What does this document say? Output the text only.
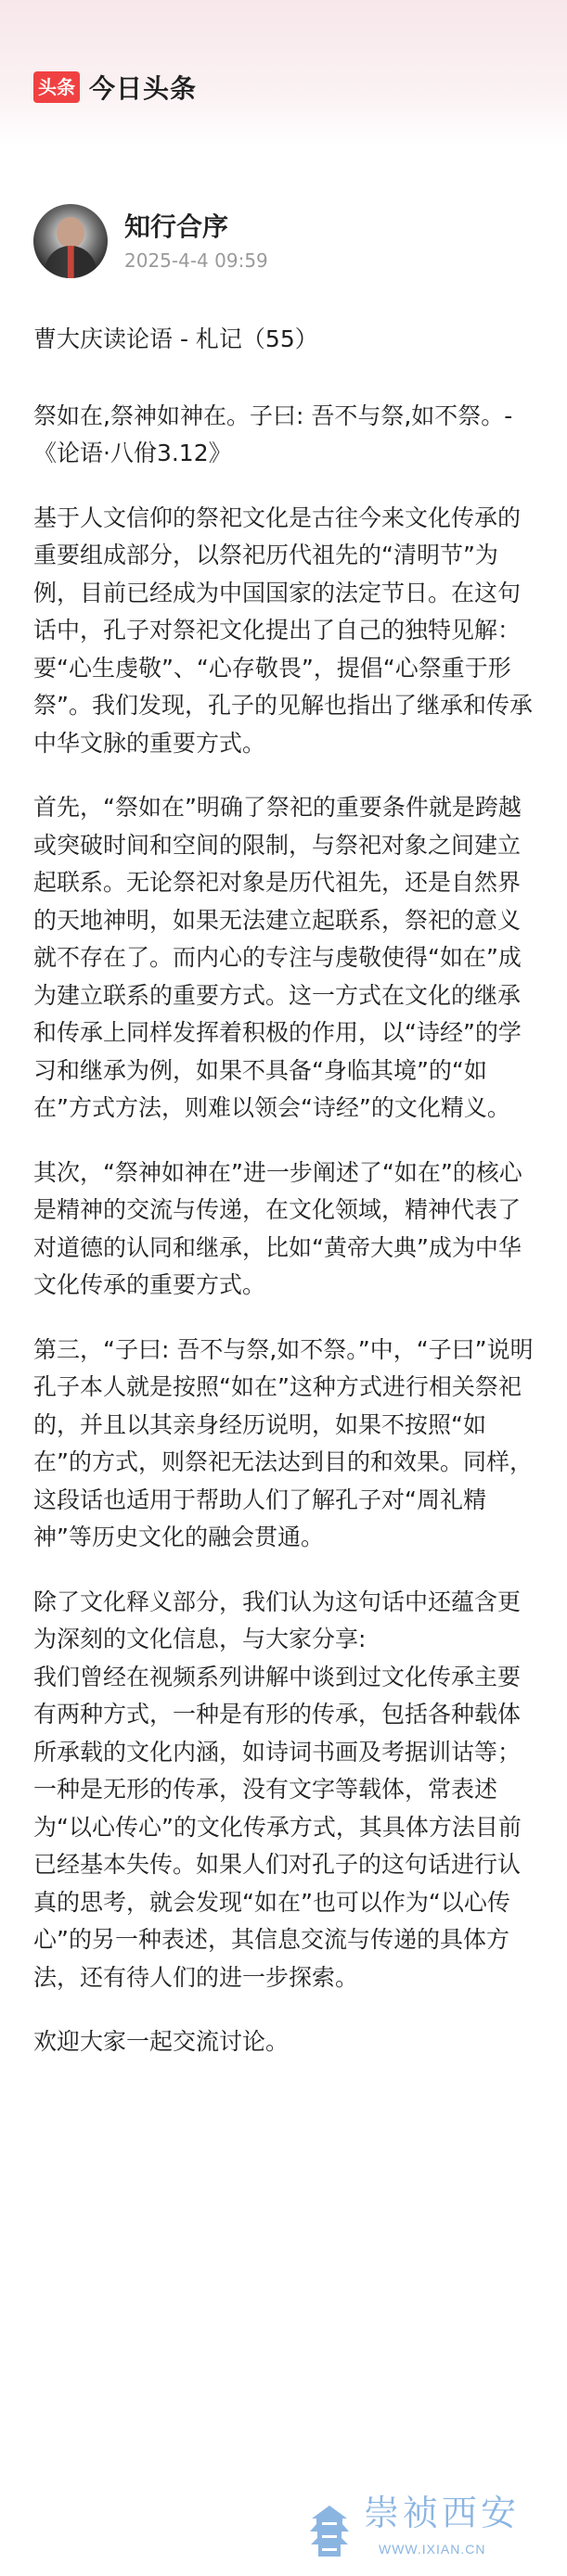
头条 今日头条
知行合序
2025-4-4 09:59

曹大庆读论语 - 札记（55）

祭如在,祭神如神在。子曰: 吾不与祭,如不祭。- 《论语·八佾3.12》

基于人文信仰的祭祀文化是古往今来文化传承的重要组成部分，以祭祀历代祖先的“清明节”为例，目前已经成为中国国家的法定节日。在这句话中，孔子对祭祀文化提出了自己的独特见解：要“心生虔敬”、“心存敬畏”，提倡“心祭重于形祭”。我们发现，孔子的见解也指出了继承和传承中华文脉的重要方式。

首先，“祭如在”明确了祭祀的重要条件就是跨越或突破时间和空间的限制，与祭祀对象之间建立起联系。无论祭祀对象是历代祖先，还是自然界的天地神明，如果无法建立起联系，祭祀的意义就不存在了。而内心的专注与虔敬使得“如在”成为建立联系的重要方式。这一方式在文化的继承和传承上同样发挥着积极的作用，以“诗经”的学习和继承为例，如果不具备“身临其境”的“如在”方式方法，则难以领会“诗经”的文化精义。

其次，“祭神如神在”进一步阐述了“如在”的核心是精神的交流与传递，在文化领域，精神代表了对道德的认同和继承，比如“黄帝大典”成为中华文化传承的重要方式。

第三，“子曰: 吾不与祭,如不祭。”中，“子曰”说明孔子本人就是按照“如在”这种方式进行相关祭祀的，并且以其亲身经历说明，如果不按照“如在”的方式，则祭祀无法达到目的和效果。同样，这段话也适用于帮助人们了解孔子对“周礼精神”等历史文化的融会贯通。

除了文化释义部分，我们认为这句话中还蕴含更为深刻的文化信息，与大家分享:
我们曾经在视频系列讲解中谈到过文化传承主要有两种方式，一种是有形的传承，包括各种载体所承载的文化内涵，如诗词书画及考据训诂等；一种是无形的传承，没有文字等载体，常表述为“以心传心”的文化传承方式，其具体方法目前已经基本失传。如果人们对孔子的这句话进行认真的思考，就会发现“如在”也可以作为“以心传心”的另一种表述，其信息交流与传递的具体方法，还有待人们的进一步探索。

欢迎大家一起交流讨论。

崇祯西安
WWW.IXIAN.CN
